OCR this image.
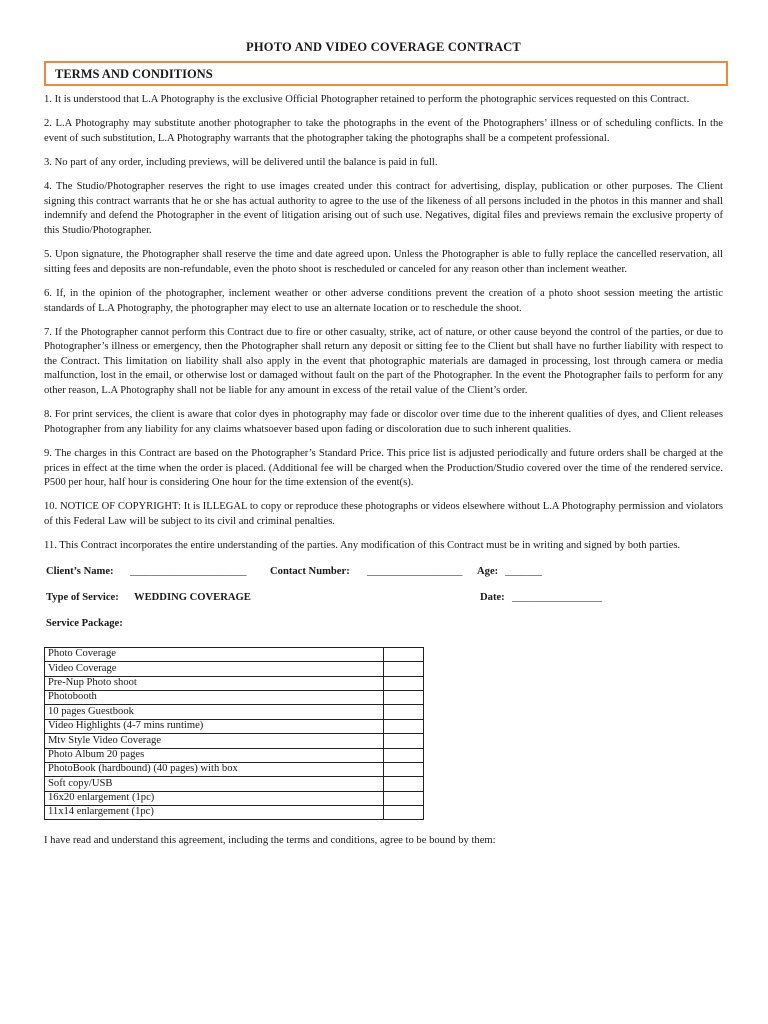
PHOTO AND VIDEO COVERAGE CONTRACT
TERMS AND CONDITIONS

1. It is understood that L.A Photography is the exclusive Official Photographer retained to perform the photographic services requested on this Contract.

2. L.A Photography may substitute another photographer to take the photographs in the event of the Photographers’ illness or of scheduling conflicts. In the event of such substitution, L.A Photography warrants that the photographer taking the photographs shall be a competent professional.

3. No part of any order, including previews, will be delivered until the balance is paid in full.

4. The Studio/Photographer reserves the right to use images created under this contract for advertising, display, publication or other purposes. The Client signing this contract warrants that he or she has actual authority to agree to the use of the likeness of all persons included in the photos in this manner and shall indemnify and defend the Photographer in the event of litigation arising out of such use. Negatives, digital files and previews remain the exclusive property of this Studio/Photographer.

5. Upon signature, the Photographer shall reserve the time and date agreed upon. Unless the Photographer is able to fully replace the cancelled reservation, all sitting fees and deposits are non-refundable, even the photo shoot is rescheduled or canceled for any reason other than inclement weather.

6. If, in the opinion of the photographer, inclement weather or other adverse conditions prevent the creation of a photo shoot session meeting the artistic standards of L.A Photography, the photographer may elect to use an alternate location or to reschedule the shoot.

7. If the Photographer cannot perform this Contract due to fire or other casualty, strike, act of nature, or other cause beyond the control of the parties, or due to Photographer’s illness or emergency, then the Photographer shall return any deposit or sitting fee to the Client but shall have no further liability with respect to the Contract. This limitation on liability shall also apply in the event that photographic materials are damaged in processing, lost through camera or media malfunction, lost in the email, or otherwise lost or damaged without fault on the part of the Photographer. In the event the Photographer fails to perform for any other reason, L.A Photography shall not be liable for any amount in excess of the retail value of the Client’s order.

8. For print services, the client is aware that color dyes in photography may fade or discolor over time due to the inherent qualities of dyes, and Client releases Photographer from any liability for any claims whatsoever based upon fading or discoloration due to such inherent qualities.

9. The charges in this Contract are based on the Photographer’s Standard Price. This price list is adjusted periodically and future orders shall be charged at the prices in effect at the time when the order is placed. (Additional fee will be charged when the Production/Studio covered over the time of the rendered service. P500 per hour, half hour is considering One hour for the time extension of the event(s).

10. NOTICE OF COPYRIGHT: It is ILLEGAL to copy or reproduce these photographs or videos elsewhere without L.A Photography permission and violators of this Federal Law will be subject to its civil and criminal penalties.

11. This Contract incorporates the entire understanding of the parties. Any modification of this Contract must be in writing and signed by both parties.

Client’s Name: ______________________ Contact Number: __________________ Age: _______
Type of Service: WEDDING COVERAGE	Date: _________________
Service Package:
Photo Coverage	
Video Coverage	
Pre-Nup Photo shoot	
Photobooth	
10 pages Guestbook	
Video Highlights (4-7 mins runtime)	
Mtv Style Video Coverage	
Photo Album 20 pages	
PhotoBook (hardbound) (40 pages) with box	
Soft copy/USB	
16x20 enlargement (1pc)	
11x14 enlargement (1pc)	
I have read and understand this agreement, including the terms and conditions, agree to be bound by them:
